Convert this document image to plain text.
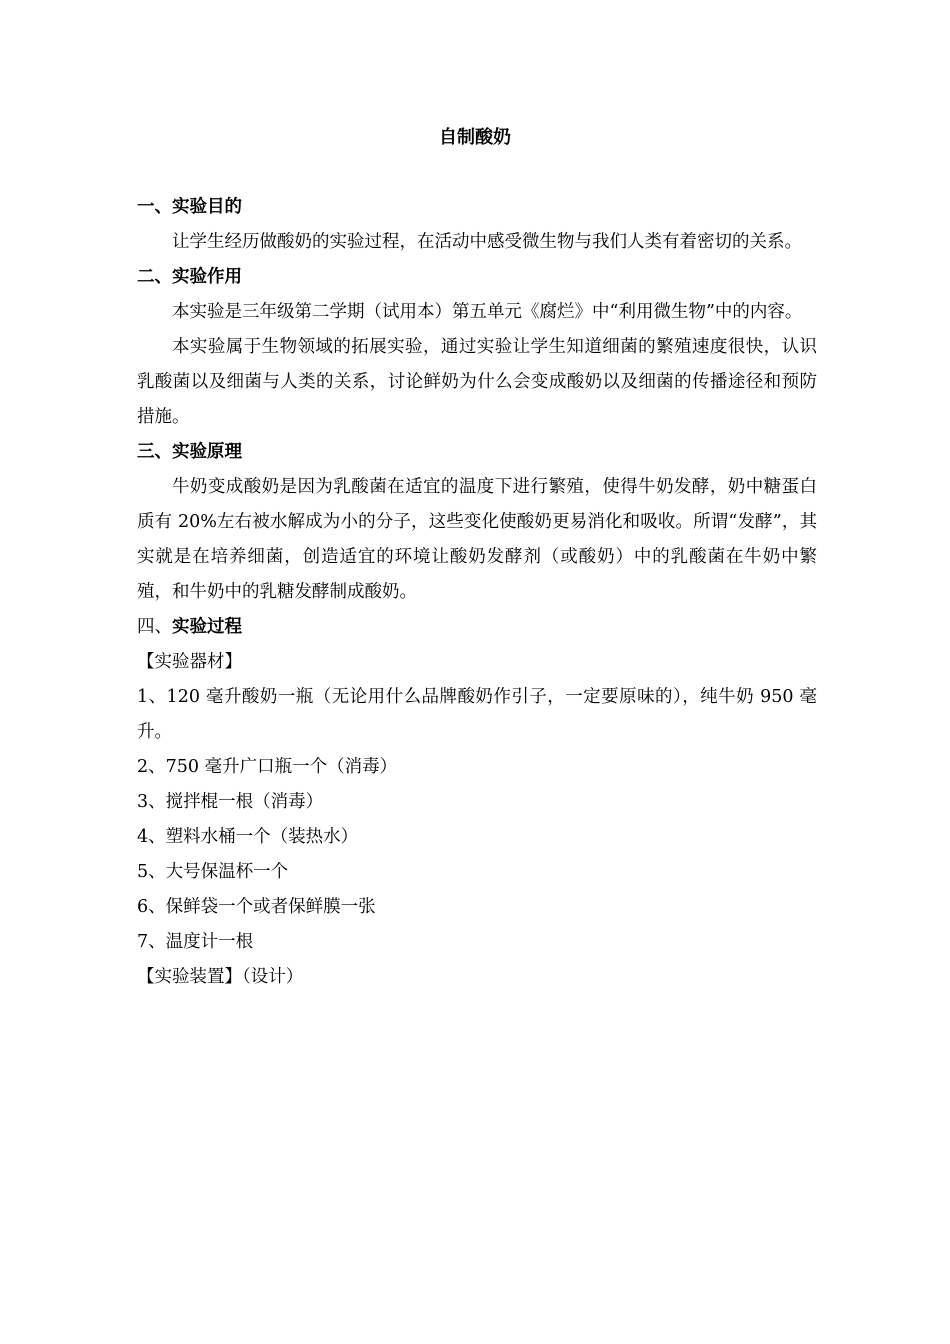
自制酸奶

一、实验目的

让学生经历做酸奶的实验过程，在活动中感受微生物与我们人类有着密切的关系。

二、实验作用

本实验是三年级第二学期（试用本）第五单元《腐烂》中“利用微生物”中的内容。

本实验属于生物领域的拓展实验，通过实验让学生知道细菌的繁殖速度很快，认识乳酸菌以及细菌与人类的关系，讨论鲜奶为什么会变成酸奶以及细菌的传播途径和预防措施。

三、实验原理

牛奶变成酸奶是因为乳酸菌在适宜的温度下进行繁殖，使得牛奶发酵，奶中糖蛋白质有 20%左右被水解成为小的分子，这些变化使酸奶更易消化和吸收。所谓“发酵”，其实就是在培养细菌，创造适宜的环境让酸奶发酵剂（或酸奶）中的乳酸菌在牛奶中繁殖，和牛奶中的乳糖发酵制成酸奶。

四、实验过程

【实验器材】

1、120 毫升酸奶一瓶（无论用什么品牌酸奶作引子，一定要原味的），纯牛奶 950 毫升。

2、750 毫升广口瓶一个（消毒）

3、搅拌棍一根（消毒）

4、塑料水桶一个（装热水）

5、大号保温杯一个

6、保鲜袋一个或者保鲜膜一张

7、温度计一根

【实验装置】（设计）
